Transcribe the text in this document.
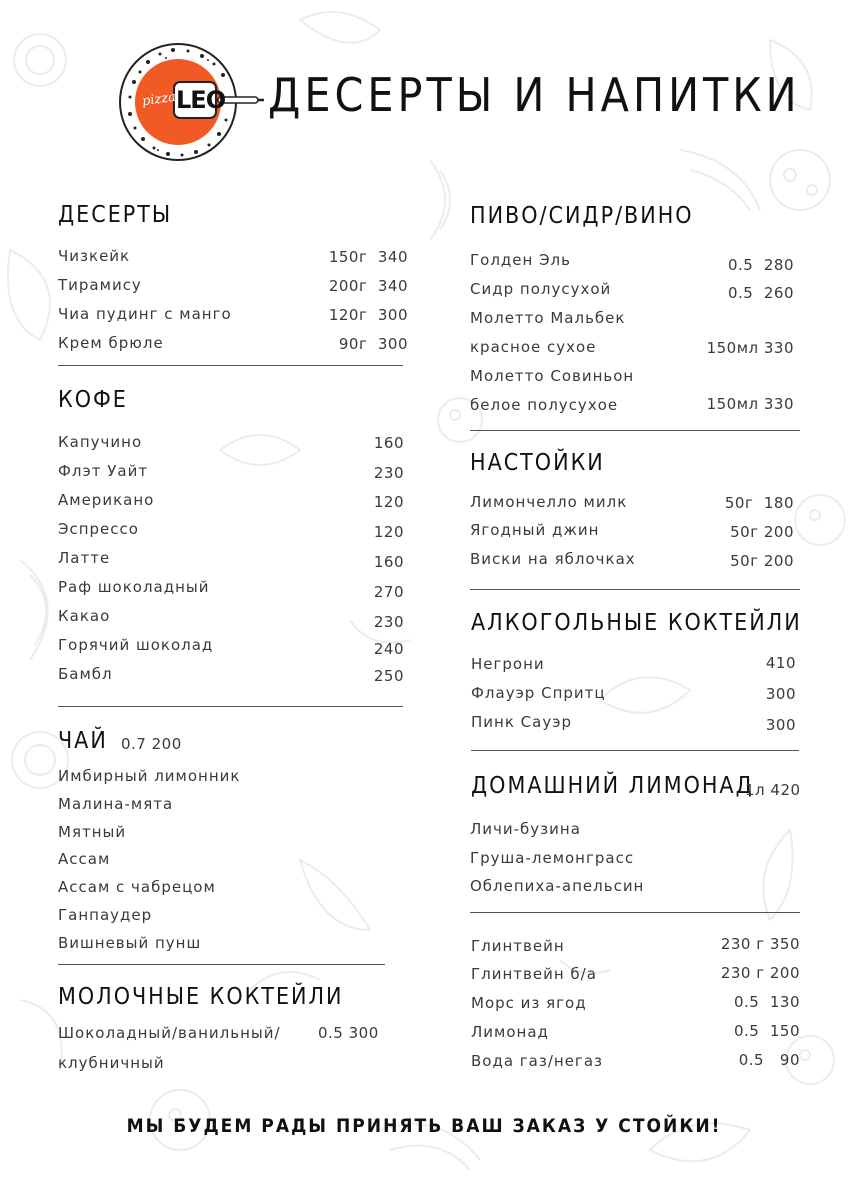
pizza LEO ДЕСЕРТЫ И НАПИТКИ
ДЕСЕРТЫ
Чизкейк	150г  340
Тирамису	200г  340
Чиа пудинг с манго	120г  300
Крем брюле	90г  300
КОФЕ
Капучино	160
Флэт Уайт	230
Американо	120
Эспрессо	120
Латте	160
Раф шоколадный	270
Какао	230
Горячий шоколад	240
Бамбл	250
ЧАЙ 0.7 200
Имбирный лимонник
Малина-мята
Мятный
Ассам
Ассам с чабрецом
Ганпаудер
Вишневый пунш
МОЛОЧНЫЕ КОКТЕЙЛИ
Шоколадный/ванильный/ 0.5 300
клубничный
ПИВО/СИДР/ВИНО
Голден Эль	0.5  280
Сидр полусухой	0.5  260
Молетто Мальбек
красное сухое	150мл 330
Молетто Совиньон
белое полусухое	150мл 330
НАСТОЙКИ
Лимончелло милк	50г  180
Ягодный джин	50г 200
Виски на яблочках	50г 200
АЛКОГОЛЬНЫЕ КОКТЕЙЛИ
Негрони	410
Флауэр Спритц	300
Пинк Сауэр	300
ДОМАШНИЙ ЛИМОНАД
1л 420
Личи-бузина
Груша-лемонграсс
Облепиха-апельсин
Глинтвейн	230 г 350
Глинтвейн б/а	230 г 200
Морс из ягод	0.5  130
Лимонад	0.5  150
Вода газ/негаз	0.5   90
МЫ БУДЕМ РАДЫ ПРИНЯТЬ ВАШ ЗАКАЗ У СТОЙКИ!
